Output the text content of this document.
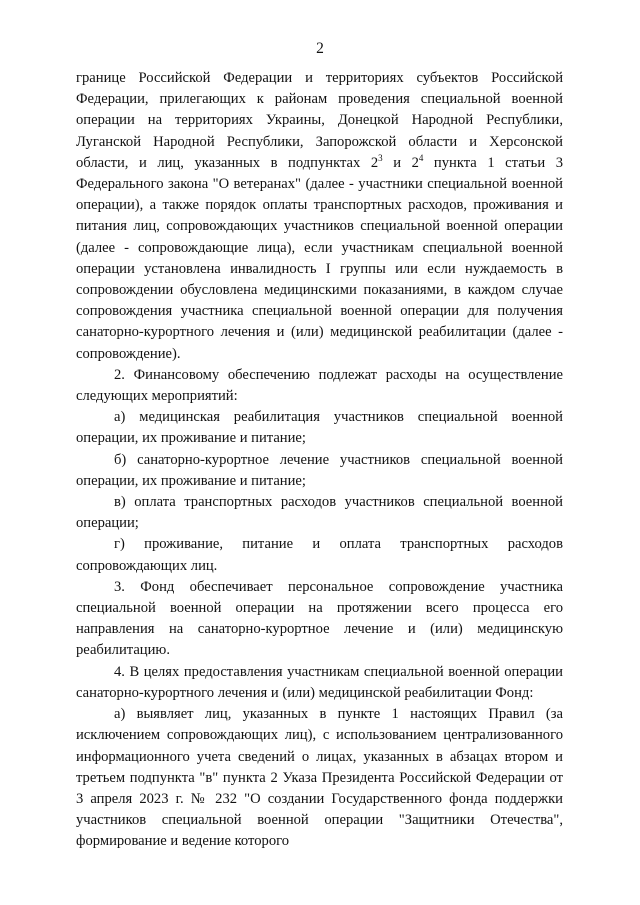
2

границе Российской Федерации и территориях субъектов Российской Федерации, прилегающих к районам проведения специальной военной операции на территориях Украины, Донецкой Народной Республики, Луганской Народной Республики, Запорожской области и Херсонской области, и лиц, указанных в подпунктах $2^3$ и $2^4$ пункта 1 статьи 3 Федерального закона "О ветеранах" (далее - участники специальной военной операции), а также порядок оплаты транспортных расходов, проживания и питания лиц, сопровождающих участников специальной военной операции (далее - сопровождающие лица), если участникам специальной военной операции установлена инвалидность I группы или если нуждаемость в сопровождении обусловлена медицинскими показаниями, в каждом случае сопровождения участника специальной военной операции для получения санаторно-курортного лечения и (или) медицинской реабилитации (далее - сопровождение).

2. Финансовому обеспечению подлежат расходы на осуществление следующих мероприятий:

а) медицинская реабилитация участников специальной военной операции, их проживание и питание;

б) санаторно-курортное лечение участников специальной военной операции, их проживание и питание;

в) оплата транспортных расходов участников специальной военной операции;

г) проживание, питание и оплата транспортных расходов сопровождающих лиц.

3. Фонд обеспечивает персональное сопровождение участника специальной военной операции на протяжении всего процесса его направления на санаторно-курортное лечение и (или) медицинскую реабилитацию.

4. В целях предоставления участникам специальной военной операции санаторно-курортного лечения и (или) медицинской реабилитации Фонд:

а) выявляет лиц, указанных в пункте 1 настоящих Правил (за исключением сопровождающих лиц), с использованием централизованного информационного учета сведений о лицах, указанных в абзацах втором и третьем подпункта "в" пункта 2 Указа Президента Российской Федерации от 3 апреля 2023 г. № 232 "О создании Государственного фонда поддержки участников специальной военной операции "Защитники Отечества", формирование и ведение которого
